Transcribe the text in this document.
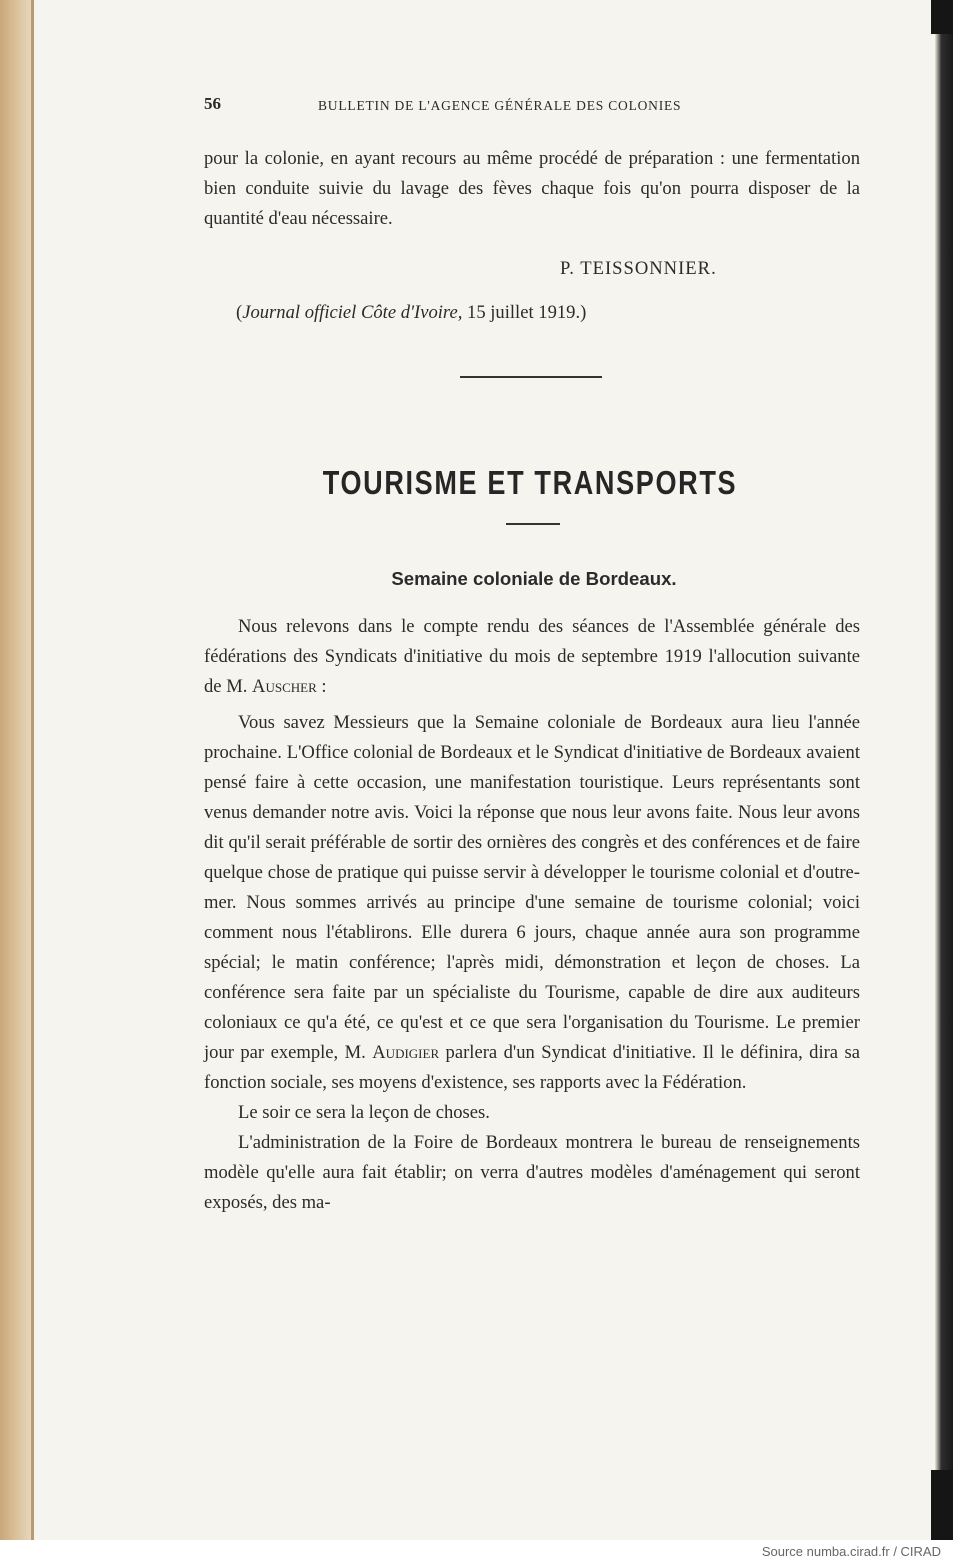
56	BULLETIN DE L'AGENCE GÉNÉRALE DES COLONIES

pour la colonie, en ayant recours au même procédé de préparation : une fermentation bien conduite suivie du lavage des fèves chaque fois qu'on pourra disposer de la quantité d'eau nécessaire.

P. TEISSONNIER.
(Journal officiel Côte d'Ivoire, 15 juillet 1919.)
TOURISME ET TRANSPORTS
Semaine coloniale de Bordeaux.

Nous relevons dans le compte rendu des séances de l'Assemblée générale des fédérations des Syndicats d'initiative du mois de septembre 1919 l'allocution suivante de M. Auscher :

Vous savez Messieurs que la Semaine coloniale de Bordeaux aura lieu l'année prochaine. L'Office colonial de Bordeaux et le Syndicat d'initiative de Bordeaux avaient pensé faire à cette occasion, une manifestation touristique. Leurs représentants sont venus demander notre avis. Voici la réponse que nous leur avons faite. Nous leur avons dit qu'il serait préférable de sortir des ornières des congrès et des conférences et de faire quelque chose de pratique qui puisse servir à développer le tourisme colonial et d'outre-mer. Nous sommes arrivés au principe d'une semaine de tourisme colonial; voici comment nous l'établirons. Elle durera 6 jours, chaque année aura son programme spécial; le matin conférence; l'après midi, démonstration et leçon de choses. La conférence sera faite par un spécialiste du Tourisme, capable de dire aux auditeurs coloniaux ce qu'a été, ce qu'est et ce que sera l'organisation du Tourisme. Le premier jour par exemple, M. Audigier parlera d'un Syndicat d'initiative. Il le définira, dira sa fonction sociale, ses moyens d'existence, ses rapports avec la Fédération.

Le soir ce sera la leçon de choses.

L'administration de la Foire de Bordeaux montrera le bureau de renseignements modèle qu'elle aura fait établir; on verra d'autres modèles d'aménagement qui seront exposés, des ma-

Source numba.cirad.fr / CIRAD
